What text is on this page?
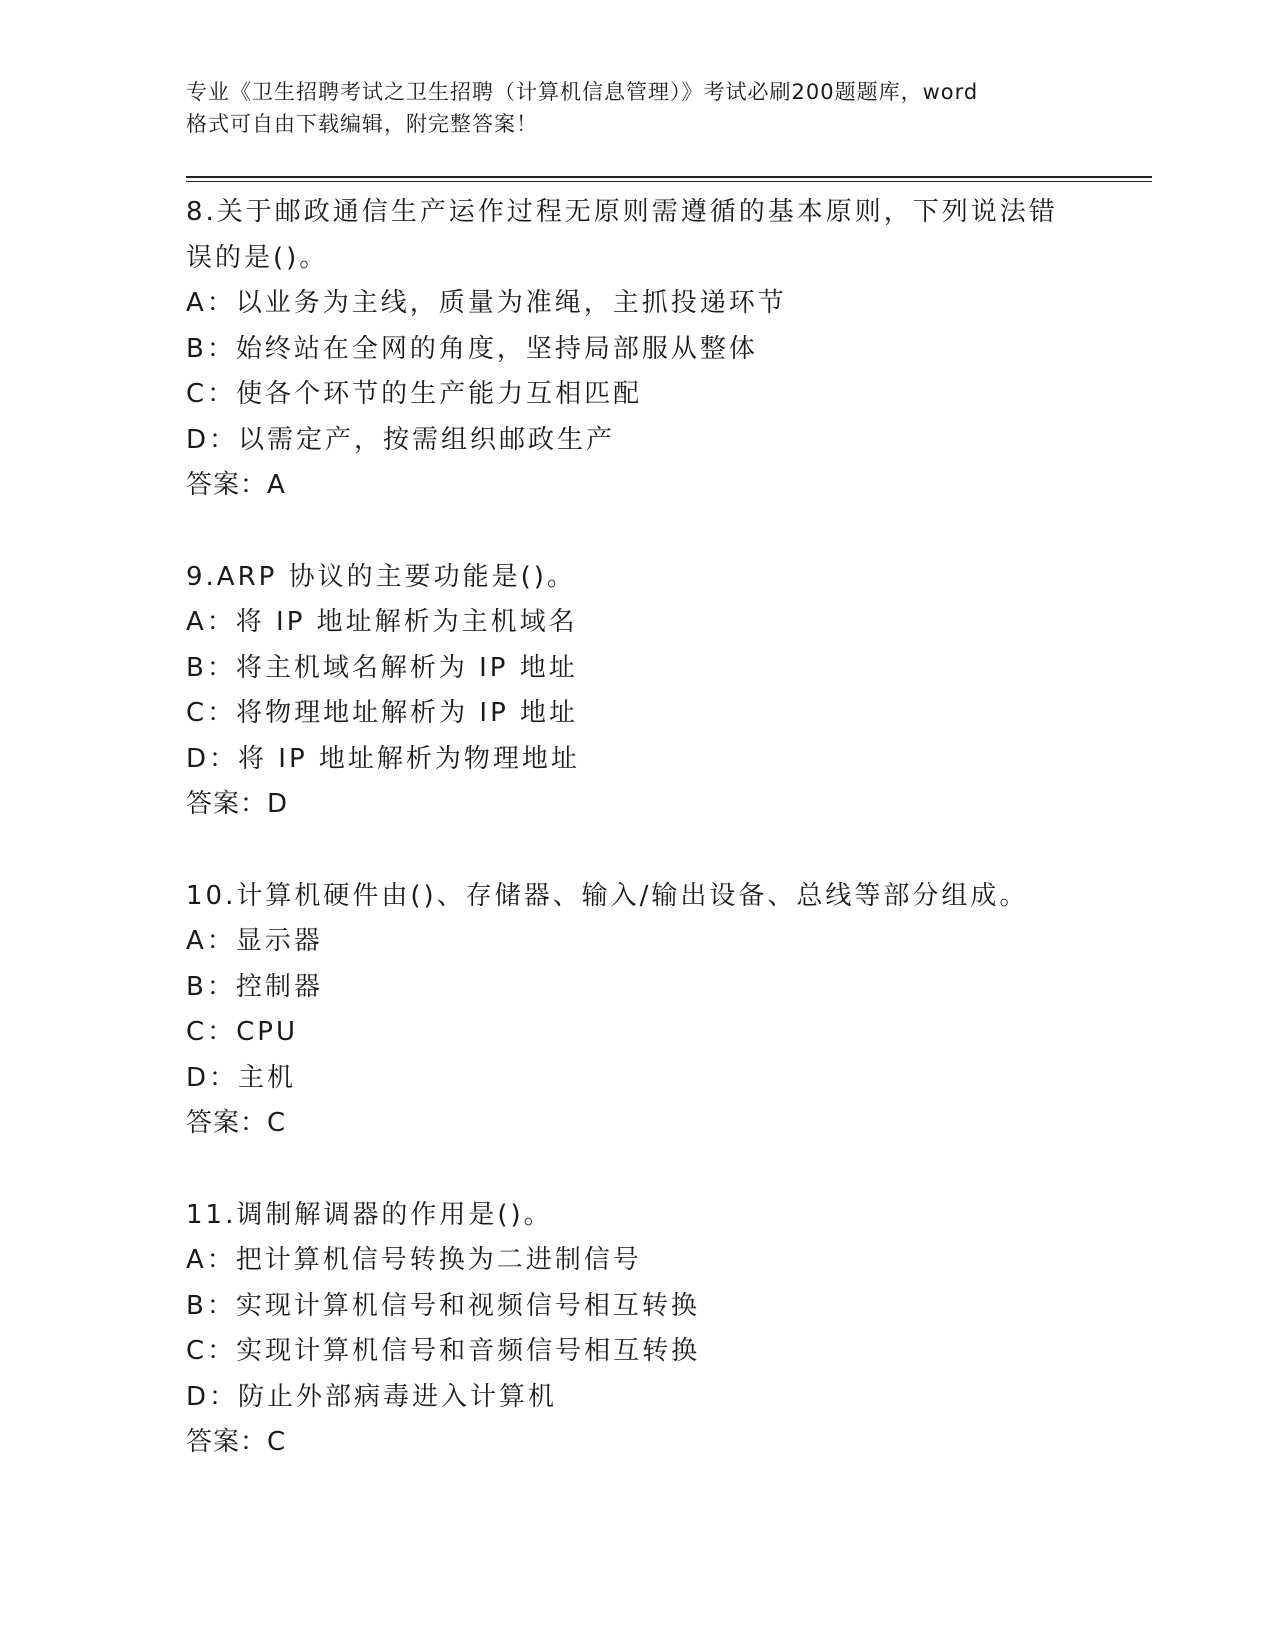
专业《卫生招聘考试之卫生招聘（计算机信息管理）》考试必刷200题题库，word
格式可自由下载编辑，附完整答案！
8.关于邮政通信生产运作过程无原则需遵循的基本原则，下列说法错
误的是()。
A：以业务为主线，质量为准绳，主抓投递环节
B：始终站在全网的角度，坚持局部服从整体
C：使各个环节的生产能力互相匹配
D：以需定产，按需组织邮政生产
答案：A
9.ARP 协议的主要功能是()。
A：将 IP 地址解析为主机域名
B：将主机域名解析为 IP 地址
C：将物理地址解析为 IP 地址
D：将 IP 地址解析为物理地址
答案：D
10.计算机硬件由()、存储器、输入/输出设备、总线等部分组成。
A：显示器
B：控制器
C：CPU
D：主机
答案：C
11.调制解调器的作用是()。
A：把计算机信号转换为二进制信号
B：实现计算机信号和视频信号相互转换
C：实现计算机信号和音频信号相互转换
D：防止外部病毒进入计算机
答案：C
